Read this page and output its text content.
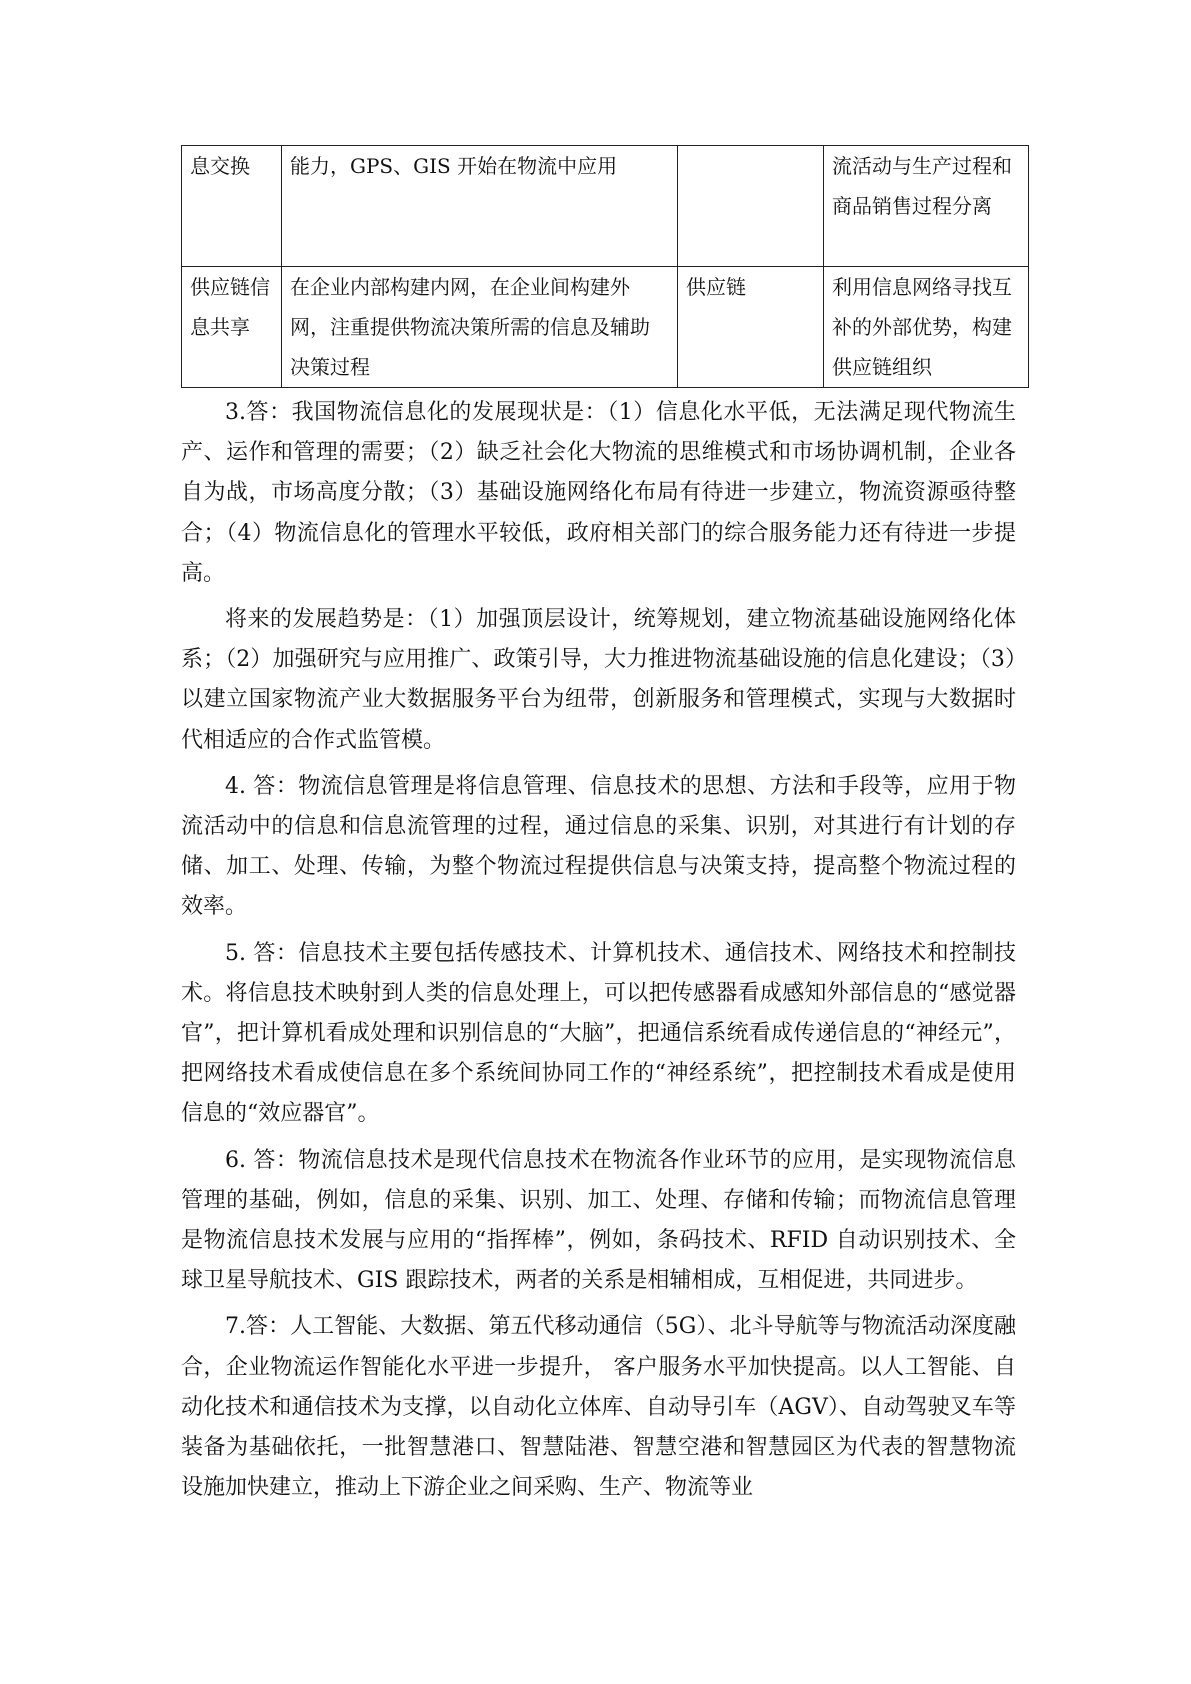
息交换	能力，GPS、GIS 开始在物流中应用		流活动与生产过程和商品销售过程分离
供应链信息共享	在企业内部构建内网，在企业间构建外网，注重提供物流决策所需的信息及辅助决策过程	供应链	利用信息网络寻找互补的外部优势，构建供应链组织

3.答：我国物流信息化的发展现状是：（1）信息化水平低，无法满足现代物流生产、运作和管理的需要；（2）缺乏社会化大物流的思维模式和市场协调机制，企业各自为战，市场高度分散；（3）基础设施网络化布局有待进一步建立，物流资源亟待整合；（4）物流信息化的管理水平较低，政府相关部门的综合服务能力还有待进一步提高。

将来的发展趋势是：（1）加强顶层设计，统筹规划，建立物流基础设施网络化体系；（2）加强研究与应用推广、政策引导，大力推进物流基础设施的信息化建设；（3）以建立国家物流产业大数据服务平台为纽带，创新服务和管理模式，实现与大数据时代相适应的合作式监管模。

4. 答：物流信息管理是将信息管理、信息技术的思想、方法和手段等，应用于物流活动中的信息和信息流管理的过程，通过信息的采集、识别，对其进行有计划的存储、加工、处理、传输，为整个物流过程提供信息与决策支持，提高整个物流过程的效率。

5. 答：信息技术主要包括传感技术、计算机技术、通信技术、网络技术和控制技术。将信息技术映射到人类的信息处理上，可以把传感器看成感知外部信息的“感觉器官”，把计算机看成处理和识别信息的“大脑”，把通信系统看成传递信息的“神经元”，把网络技术看成使信息在多个系统间协同工作的“神经系统”，把控制技术看成是使用信息的“效应器官”。

6. 答：物流信息技术是现代信息技术在物流各作业环节的应用，是实现物流信息管理的基础，例如，信息的采集、识别、加工、处理、存储和传输；而物流信息管理是物流信息技术发展与应用的“指挥棒”，例如，条码技术、RFID 自动识别技术、全球卫星导航技术、GIS 跟踪技术，两者的关系是相辅相成，互相促进，共同进步。

7.答：人工智能、大数据、第五代移动通信（5G）、北斗导航等与物流活动深度融合，企业物流运作智能化水平进一步提升， 客户服务水平加快提高。以人工智能、自动化技术和通信技术为支撑，以自动化立体库、自动导引车（AGV）、自动驾驶叉车等装备为基础依托，一批智慧港口、智慧陆港、智慧空港和智慧园区为代表的智慧物流设施加快建立，推动上下游企业之间采购、生产、物流等业
